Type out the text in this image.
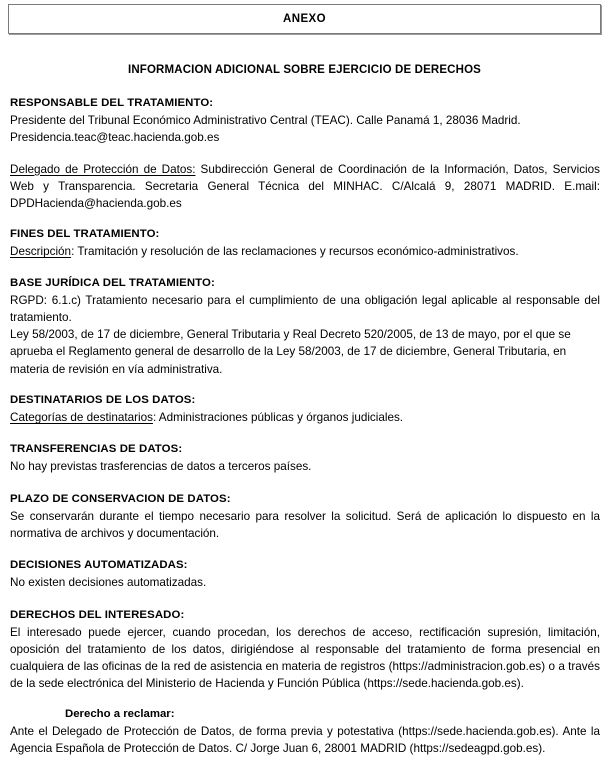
ANEXO
INFORMACION ADICIONAL SOBRE EJERCICIO DE DERECHOS
RESPONSABLE DEL TRATAMIENTO:

Presidente del Tribunal Económico Administrativo Central (TEAC). Calle Panamá 1, 28036 Madrid. Presidencia.teac@teac.hacienda.gob.es

Delegado de Protección de Datos: Subdirección General de Coordinación de la Información, Datos, Servicios Web y Transparencia. Secretaria General Técnica del MINHAC. C/Alcalá 9, 28071 MADRID. E.mail: DPDHacienda@hacienda.gob.es

FINES DEL TRATAMIENTO:

Descripción: Tramitación y resolución de las reclamaciones y recursos económico-administrativos.

BASE JURÍDICA DEL TRATAMIENTO:

RGPD: 6.1.c) Tratamiento necesario para el cumplimiento de una obligación legal aplicable al responsable del tratamiento.

Ley 58/2003, de 17 de diciembre, General Tributaria y Real Decreto 520/2005, de 13 de mayo, por el que se aprueba el Reglamento general de desarrollo de la Ley 58/2003, de 17 de diciembre, General Tributaria, en materia de revisión en vía administrativa.

DESTINATARIOS DE LOS DATOS:

Categorías de destinatarios: Administraciones públicas y órganos judiciales.

TRANSFERENCIAS DE DATOS:

No hay previstas trasferencias de datos a terceros países.

PLAZO DE CONSERVACION DE DATOS:

Se conservarán durante el tiempo necesario para resolver la solicitud. Será de aplicación lo dispuesto en la normativa de archivos y documentación.

DECISIONES AUTOMATIZADAS:

No existen decisiones automatizadas.

DERECHOS DEL INTERESADO:

El interesado puede ejercer, cuando procedan, los derechos de acceso, rectificación supresión, limitación, oposición del tratamiento de los datos, dirigiéndose al responsable del tratamiento de forma presencial en cualquiera de las oficinas de la red de asistencia en materia de registros (https://administracion.gob.es) o a través de la sede electrónica del Ministerio de Hacienda y Función Pública (https://sede.hacienda.gob.es).

Derecho a reclamar:

Ante el Delegado de Protección de Datos, de forma previa y potestativa (https://sede.hacienda.gob.es). Ante la Agencia Española de Protección de Datos. C/ Jorge Juan 6, 28001 MADRID (https://sedeagpd.gob.es).
